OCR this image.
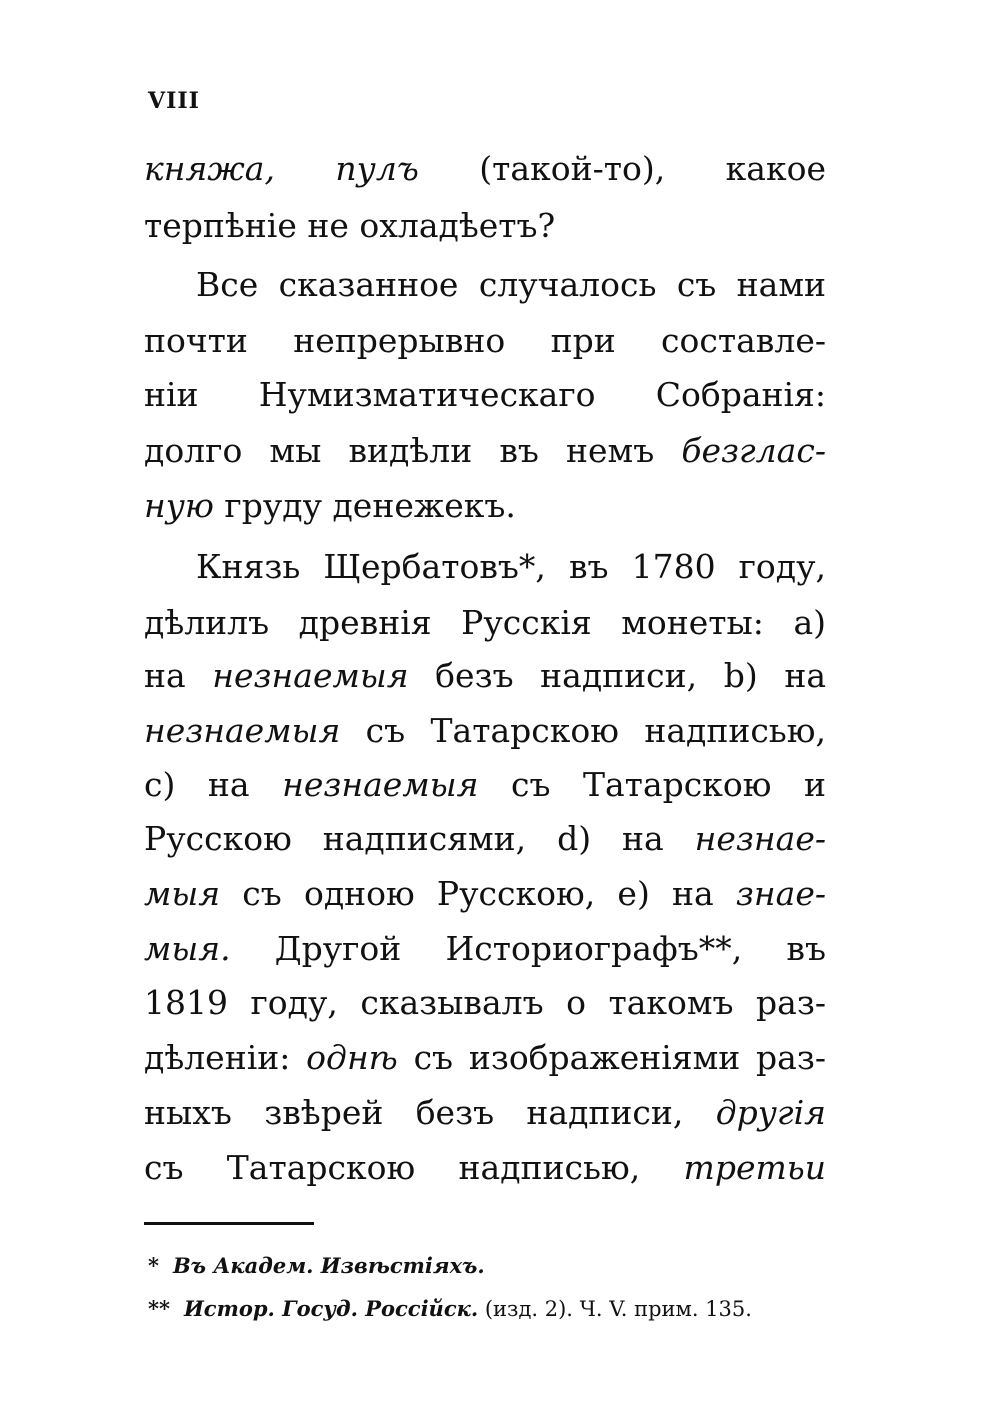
VIII
княжа, пулъ (такой-то), какое
терпѣніе не охладѣетъ?
Все сказанное случалось съ нами
почти непрерывно при составле-
ніи Нумизматическаго Собранія:
долго мы видѣли въ немъ безглас-
ную груду денежекъ.
Князь Щербатовъ*, въ 1780 году,
дѣлилъ древнія Русскія монеты: а)
на незнаемыя безъ надписи, b) на
незнаемыя съ Татарскою надписью,
с) на незнаемыя съ Татарскою и
Русскою надписями, d) на незнае-
мыя съ одною Русскою, е) на знае-
мыя. Другой Историографъ**, въ
1819 году, сказывалъ о такомъ раз-
дѣленіи: однѣ съ изображеніями раз-
ныхъ звѣрей безъ надписи, другія
съ Татарскою надписью, третьи
* Въ Академ. Извѣстіяхъ.
** Истор. Госуд. Россійск. (изд. 2). Ч. V. прим. 135.
